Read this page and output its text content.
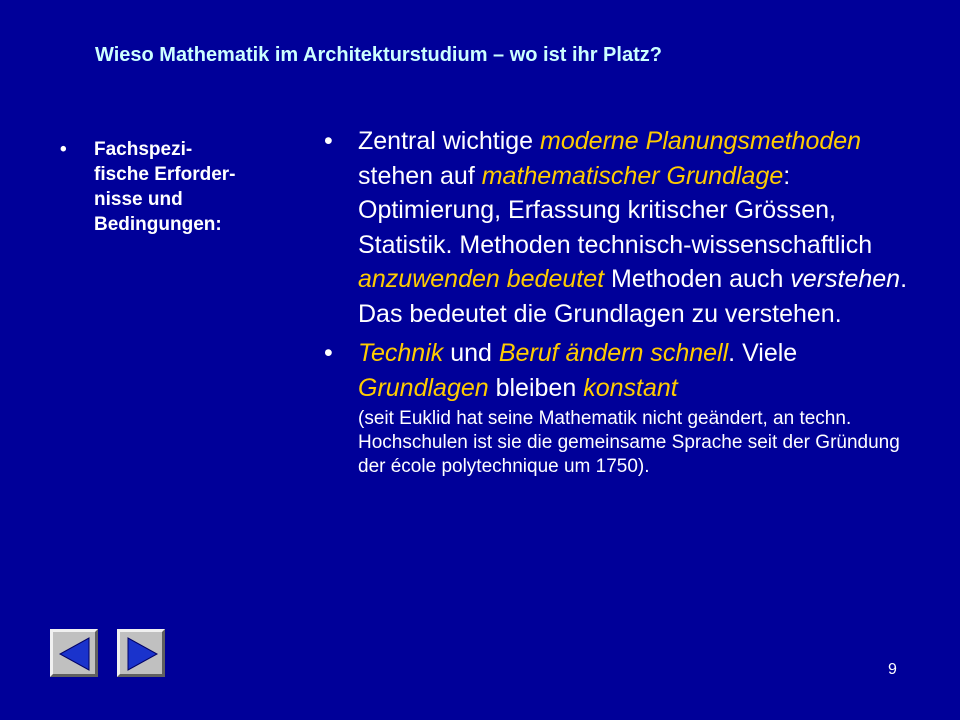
Wieso Mathematik im Architekturstudium – wo ist ihr Platz?
• Fachspezi-
fische Erforder-
nisse und
Bedingungen:
• Zentral wichtige moderne Planungsmethoden stehen auf mathematischer Grundlage: Optimierung, Erfassung kritischer Grössen, Statistik. Methoden technisch-wissenschaftlich anzuwenden bedeutet Methoden auch verstehen. Das bedeutet die Grundlagen zu verstehen.
• Technik und Beruf ändern schnell. Viele Grundlagen bleiben konstant
(seit Euklid hat seine Mathematik nicht geändert, an techn. Hochschulen ist sie die gemeinsame Sprache seit der Gründung der école polytechnique um 1750).
9
